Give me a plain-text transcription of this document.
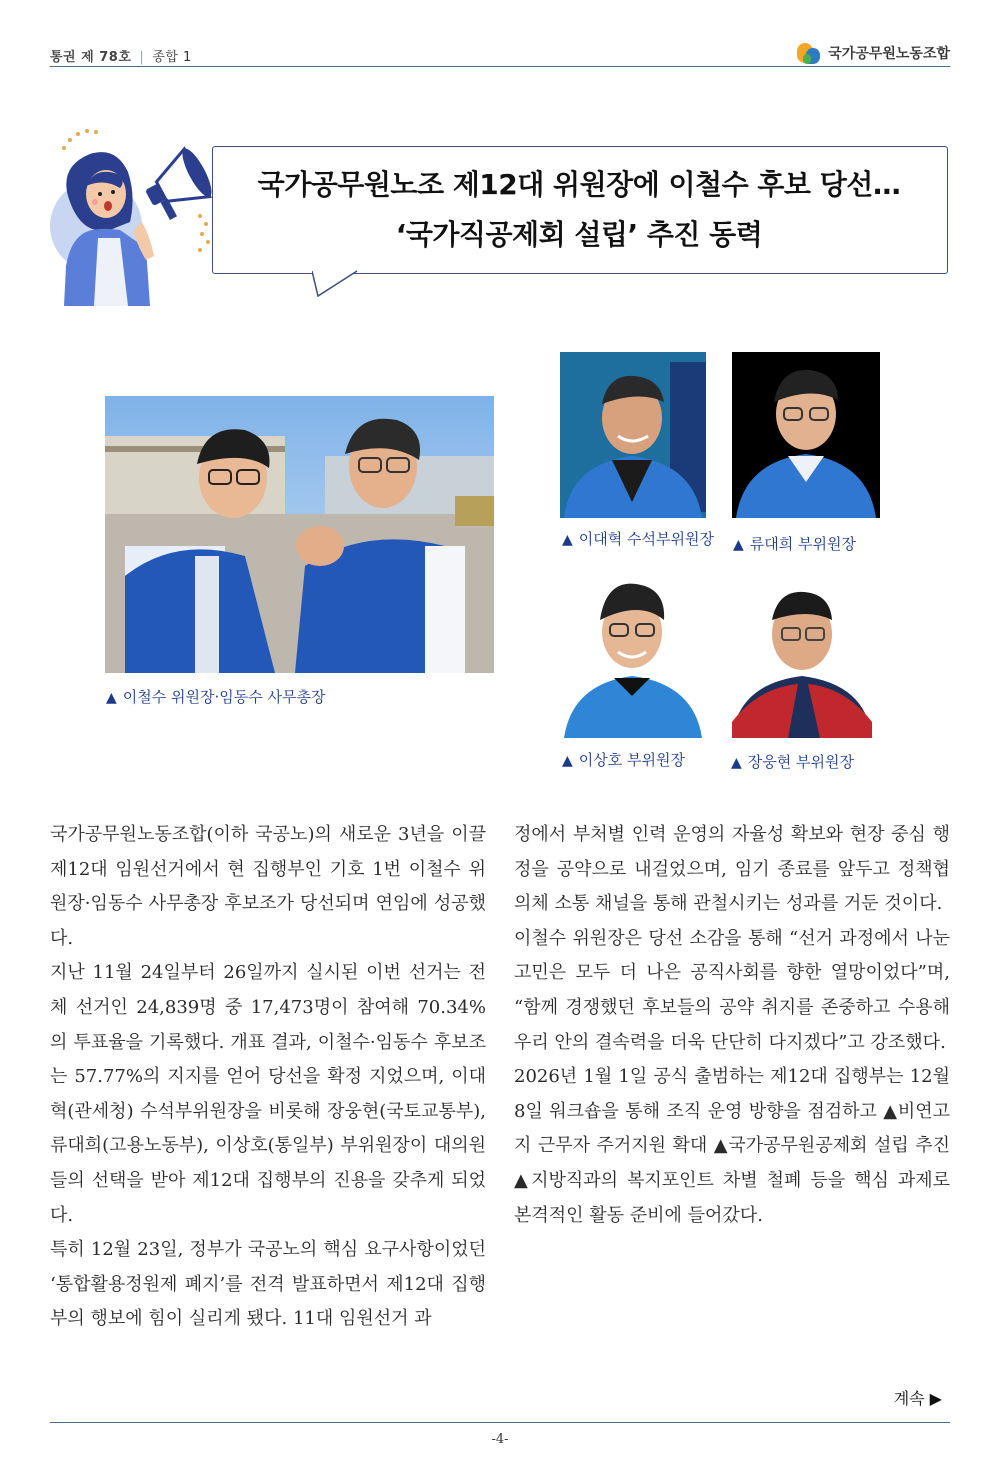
통권 제 78호 | 종합 1	국가공무원노동조합
국가공무원노조 제12대 위원장에 이철수 후보 당선…
‘국가직공제회 설립’ 추진 동력
▲ 이철수 위원장·임동수 사무총장
▲ 이대혁 수석부위원장 ▲ 류대희 부위원장
▲ 이상호 부위원장	▲ 장웅현 부위원장

국가공무원노동조합(이하 국공노)의 새로운 3년을 이끌 제12대 임원선거에서 현 집행부인 기호 1번 이철수 위원장·임동수 사무총장 후보조가 당선되며 연임에 성공했다.

지난 11월 24일부터 26일까지 실시된 이번 선거는 전체 선거인 24,839명 중 17,473명이 참여해 70.34%의 투표율을 기록했다. 개표 결과, 이철수·임동수 후보조는 57.77%의 지지를 얻어 당선을 확정 지었으며, 이대혁(관세청) 수석부위원장을 비롯해 장웅현(국토교통부), 류대희(고용노동부), 이상호(통일부) 부위원장이 대의원들의 선택을 받아 제12대 집행부의 진용을 갖추게 되었다.

특히 12월 23일, 정부가 국공노의 핵심 요구사항이었던 ‘통합활용정원제 폐지’를 전격 발표하면서 제12대 집행부의 행보에 힘이 실리게 됐다. 11대 임원선거 과

정에서 부처별 인력 운영의 자율성 확보와 현장 중심 행정을 공약으로 내걸었으며, 임기 종료를 앞두고 정책협의체 소통 채널을 통해 관철시키는 성과를 거둔 것이다.

이철수 위원장은 당선 소감을 통해 “선거 과정에서 나눈 고민은 모두 더 나은 공직사회를 향한 열망이었다”며, “함께 경쟁했던 후보들의 공약 취지를 존중하고 수용해 우리 안의 결속력을 더욱 단단히 다지겠다”고 강조했다.

2026년 1월 1일 공식 출범하는 제12대 집행부는 12월 8일 워크숍을 통해 조직 운영 방향을 점검하고 ▲비연고지 근무자 주거지원 확대 ▲국가공무원공제회 설립 추진 ▲지방직과의 복지포인트 차별 철폐 등을 핵심 과제로 본격적인 활동 준비에 들어갔다.

계속 ▶
-4-
